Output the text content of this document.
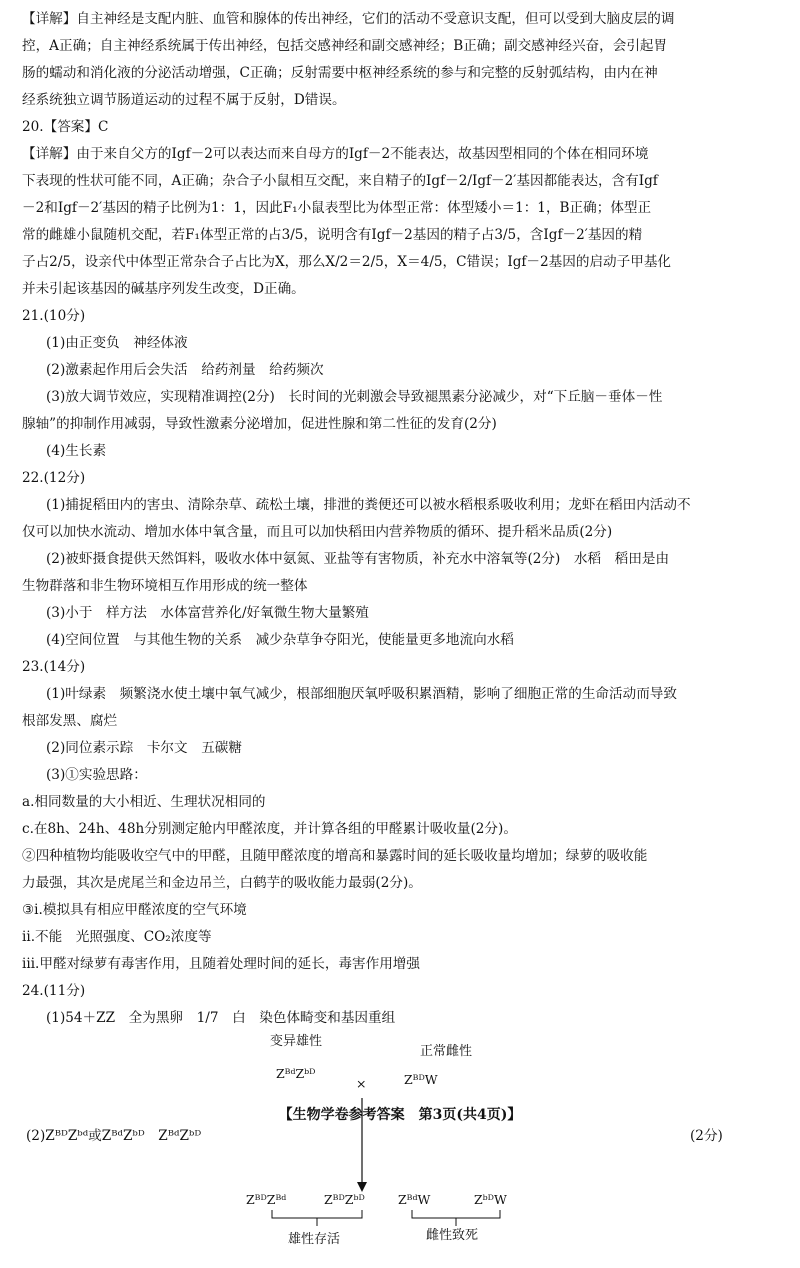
【详解】自主神经是支配内脏、血管和腺体的传出神经，它们的活动不受意识支配，但可以受到大脑皮层的调

控，A正确；自主神经系统属于传出神经，包括交感神经和副交感神经；B正确；副交感神经兴奋，会引起胃

肠的蠕动和消化液的分泌活动增强，C正确；反射需要中枢神经系统的参与和完整的反射弧结构，由内在神

经系统独立调节肠道运动的过程不属于反射，D错误。

20.【答案】C

【详解】由于来自父方的Igf－2可以表达而来自母方的Igf－2不能表达，故基因型相同的个体在相同环境

下表现的性状可能不同，A正确；杂合子小鼠相互交配，来自精子的Igf－2/Igf－2′基因都能表达，含有Igf

－2和Igf－2′基因的精子比例为1：1，因此F₁小鼠表型比为体型正常：体型矮小＝1：1，B正确；体型正

常的雌雄小鼠随机交配，若F₁体型正常的占3/5，说明含有Igf－2基因的精子占3/5，含Igf－2′基因的精

子占2/5，设亲代中体型正常杂合子占比为X，那么X/2＝2/5，X＝4/5，C错误；Igf－2基因的启动子甲基化

并未引起该基因的碱基序列发生改变，D正确。

21.(10分)

(1)由正变负　神经体液

(2)激素起作用后会失活　给药剂量　给药频次

(3)放大调节效应，实现精准调控(2分)　长时间的光刺激会导致褪黑素分泌减少，对“下丘脑－垂体－性

腺轴”的抑制作用减弱，导致性激素分泌增加，促进性腺和第二性征的发育(2分)

(4)生长素

22.(12分)

(1)捕捉稻田内的害虫、清除杂草、疏松土壤，排泄的粪便还可以被水稻根系吸收利用；龙虾在稻田内活动不

仅可以加快水流动、增加水体中氧含量，而且可以加快稻田内营养物质的循环、提升稻米品质(2分)

(2)被虾摄食提供天然饵料，吸收水体中氨氮、亚盐等有害物质，补充水中溶氧等(2分)　水稻　稻田是由

生物群落和非生物环境相互作用形成的统一整体

(3)小于　样方法　水体富营养化/好氧微生物大量繁殖

(4)空间位置　与其他生物的关系　减少杂草争夺阳光，使能量更多地流向水稻

23.(14分)

(1)叶绿素　频繁浇水使土壤中氧气减少，根部细胞厌氧呼吸积累酒精，影响了细胞正常的生命活动而导致

根部发黑、腐烂

(2)同位素示踪　卡尔文　五碳糖

(3)①实验思路：

a.相同数量的大小相近、生理状况相同的

c.在8h、24h、48h分别测定舱内甲醛浓度，并计算各组的甲醛累计吸收量(2分)。

②四种植物均能吸收空气中的甲醛，且随甲醛浓度的增高和暴露时间的延长吸收量均增加；绿萝的吸收能

力最强，其次是虎尾兰和金边吊兰，白鹤芋的吸收能力最弱(2分)。

③ⅰ.模拟具有相应甲醛浓度的空气环境

ⅱ.不能　光照强度、CO₂浓度等

ⅲ.甲醛对绿萝有毒害作用，且随着处理时间的延长，毒害作用增强

24.(11分)

(1)54＋ZZ　全为黑卵　1/7　白　染色体畸变和基因重组

变异雄性
正常雌性
ZᴮᵈZᵇᴰ
×	ZᴮᴰW
(2)ZᴮᴰZᵇᵈ或ZᴮᵈZᵇᴰ　ZᴮᵈZᵇᴰ	(2分)
ZᴮᴰZᴮᵈ	ZᴮᴰZᵇᴰ	ZᴮᵈW	ZᵇᴰW
雄性存活	雌性致死
【生物学卷参考答案　第3页(共4页)】
